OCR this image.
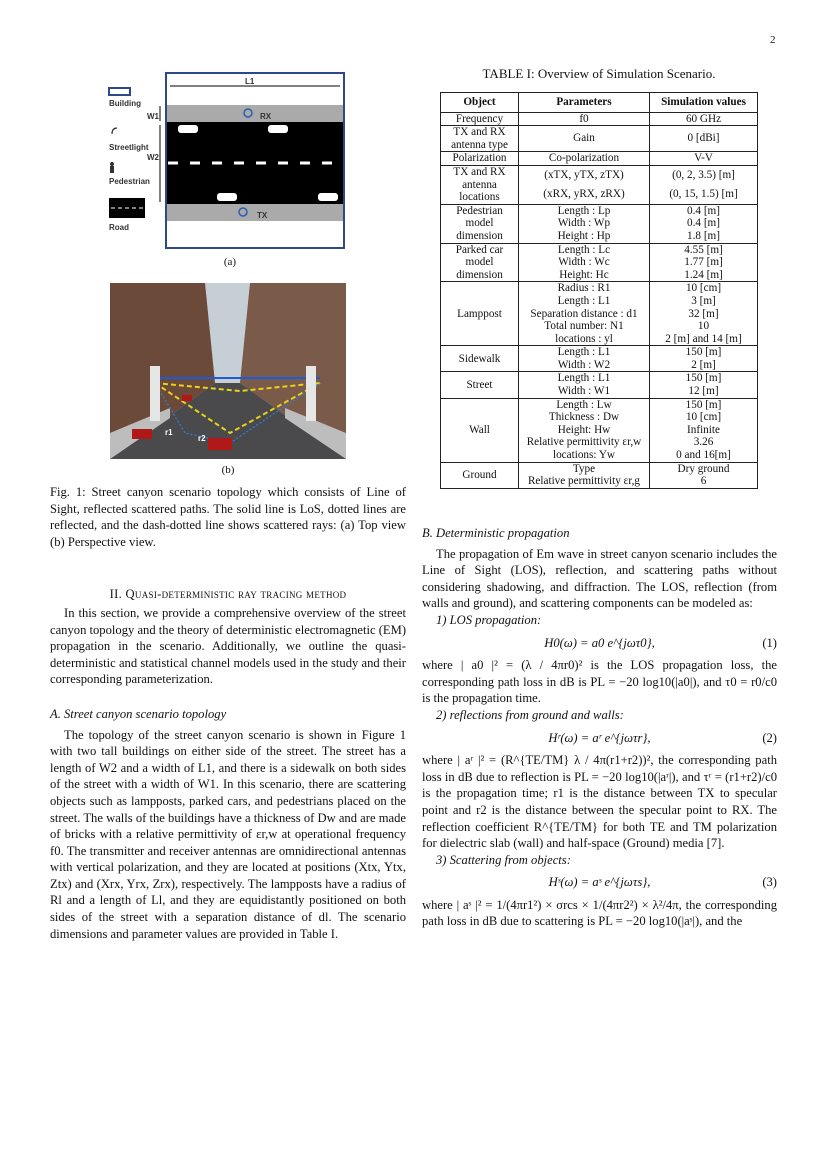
2
Building
Streetlight
Pedestrian
Road
L1
W1
W2
RX
TX
(a)
r1
r2
(b)

Fig. 1: Street canyon scenario topology which consists of Line of Sight, reflected scattered paths. The solid line is LoS, dotted lines are reflected, and the dash-dotted line shows scattered rays: (a) Top view (b) Perspective view.

II. Quasi-deterministic ray tracing method

In this section, we provide a comprehensive overview of the street canyon topology and the theory of deterministic electromagnetic (EM) propagation in the scenario. Additionally, we outline the quasi-deterministic and statistical channel models used in the study and their corresponding parameterization.

A. Street canyon scenario topology

The topology of the street canyon scenario is shown in Figure 1 with two tall buildings on either side of the street. The street has a length of W2 and a width of L1, and there is a sidewalk on both sides of the street with a width of W1. In this scenario, there are scattering objects such as lampposts, parked cars, and pedestrians placed on the street. The walls of the buildings have a thickness of Dw and are made of bricks with a relative permittivity of εr,w at operational frequency f0. The transmitter and receiver antennas are omnidirectional antennas with vertical polarization, and they are located at positions (Xtx, Ytx, Ztx) and (Xrx, Yrx, Zrx), respectively. The lampposts have a radius of Rl and a length of Ll, and they are equidistantly positioned on both sides of the street with a separation distance of dl. The scenario dimensions and parameter values are provided in Table I.

TABLE I: Overview of Simulation Scenario.
Object	Parameters	Simulation values
Frequency	f0	60 GHz
TX and RX antenna type	Gain	0 [dBi]
Polarization	Co-polarization	V-V
TX and RX antenna locations	(xTX, yTX, zTX)	(0, 2, 3.5) [m]
	(xRX, yRX, zRX)	(0, 15, 1.5) [m]
Pedestrian model dimension	Length : Lp	0.4 [m]
	Width : Wp	0.4 [m]
	Height : Hp	1.8 [m]
Parked car model dimension	Length : Lc	4.55 [m]
	Width : Wc	1.77 [m]
	Height: Hc	1.24 [m]
Lamppost	Radius : R1	10 [cm]
	Length : L1	3 [m]
	Separation distance : d1	32 [m]
	Total number: N1	10
	locations : yl	2 [m] and 14 [m]
Sidewalk	Length : L1	150 [m]
	Width : W2	2 [m]
Street	Length : L1	150 [m]
	Width : W1	12 [m]
Wall	Length : Lw	150 [m]
	Thickness : Dw	10 [cm]
	Height: Hw	Infinite
	Relative permittivity εr,w	3.26
	locations: Yw	0 and 16[m]
Ground	Type	Dry ground
	Relative permittivity εr,g	6
B. Deterministic propagation

The propagation of Em wave in street canyon scenario includes the Line of Sight (LOS), reflection, and scattering paths without considering shadowing, and diffraction. The LOS, reflection (from walls and ground), and scattering components can be modeled as:

1) LOS propagation:
H0(ω) = a0 e^{jωτ0},	(1)

where | a0 |² = (λ / 4πr0)² is the LOS propagation loss, the corresponding path loss in dB is PL = −20 log10(|a0|), and τ0 = r0/c0 is the propagation time.

2) reflections from ground and walls:
Hʳ(ω) = aʳ e^{jωτr},	(2)

where | aʳ |² = (R^{TE/TM} λ / 4π(r1+r2))², the corresponding path loss in dB due to reflection is PL = −20 log10(|aʳ|), and τʳ = (r1+r2)/c0 is the propagation time; r1 is the distance between TX to specular point and r2 is the distance between the specular point to RX. The reflection coefficient R^{TE/TM} for both TE and TM polarization for dielectric slab (wall) and half-space (Ground) media [7].

3) Scattering from objects:
Hˢ(ω) = aˢ e^{jωτs},	(3)

where | aˢ |² = 1/(4πr1²) × σrcs × 1/(4πr2²) × λ²/4π, the corresponding path loss in dB due to scattering is PL = −20 log10(|aˢ|), and the
